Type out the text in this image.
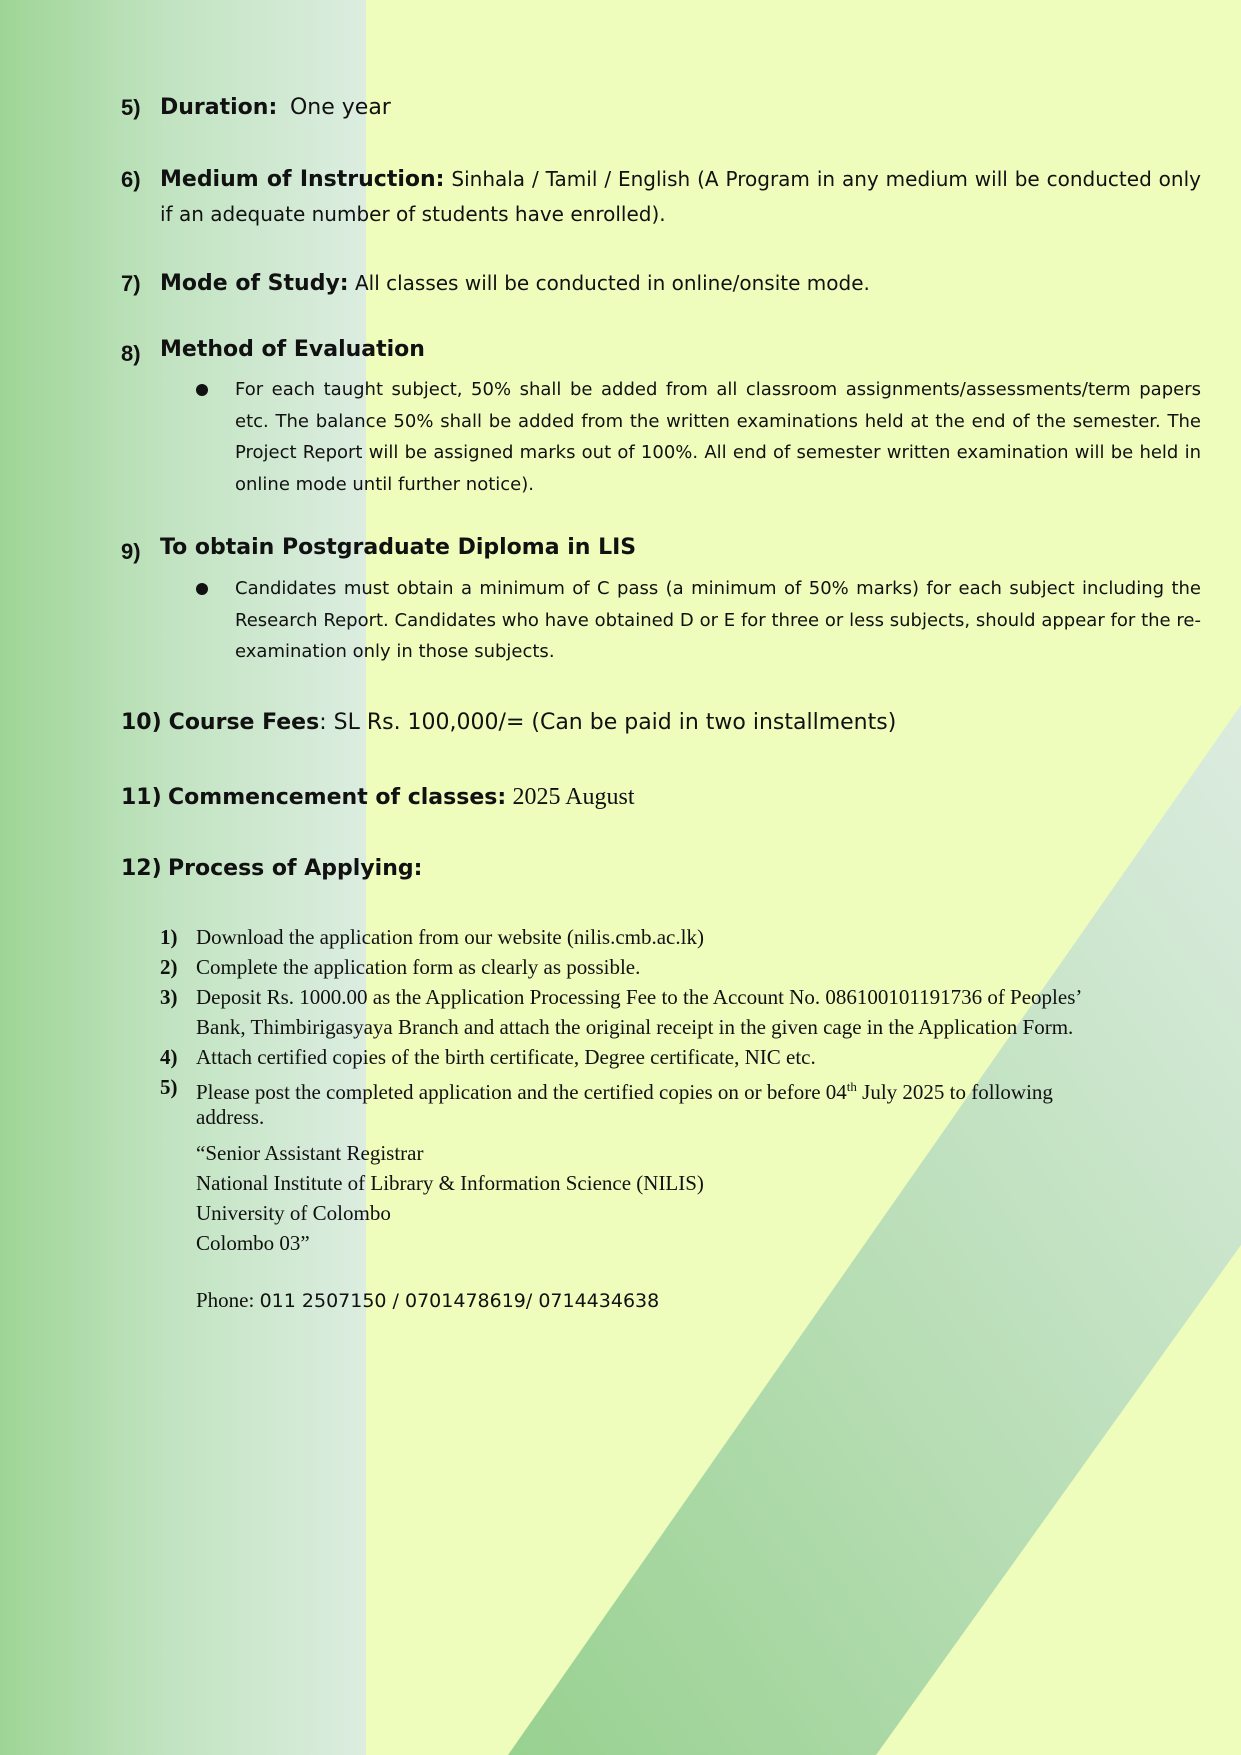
5) Duration: One year
6) Medium of Instruction: Sinhala / Tamil / English (A Program in any medium will be conducted only if an adequate number of students have enrolled).
7) Mode of Study: All classes will be conducted in online/onsite mode.
8) Method of Evaluation
For each taught subject, 50% shall be added from all classroom assignments/assessments/term papers etc. The balance 50% shall be added from the written examinations held at the end of the semester. The Project Report will be assigned marks out of 100%. All end of semester written examination will be held in online mode until further notice).
9) To obtain Postgraduate Diploma in LIS
Candidates must obtain a minimum of C pass (a minimum of 50% marks) for each subject including the Research Report. Candidates who have obtained D or E for three or less subjects, should appear for the re-examination only in those subjects.
10) Course Fees: SL Rs. 100,000/= (Can be paid in two installments)
11) Commencement of classes: 2025 August
12) Process of Applying:
1) Download the application from our website (nilis.cmb.ac.lk)
2) Complete the application form as clearly as possible.
3) Deposit Rs. 1000.00 as the Application Processing Fee to the Account No. 086100101191736 of Peoples’
Bank, Thimbirigasyaya Branch and attach the original receipt in the given cage in the Application Form.
4) Attach certified copies of the birth certificate, Degree certificate, NIC etc.
5) Please post the completed application and the certified copies on or before 04th July 2025 to following
address.
“Senior Assistant Registrar
National Institute of Library & Information Science (NILIS)
University of Colombo
Colombo 03”
Phone: 011 2507150 / 0701478619/ 0714434638
